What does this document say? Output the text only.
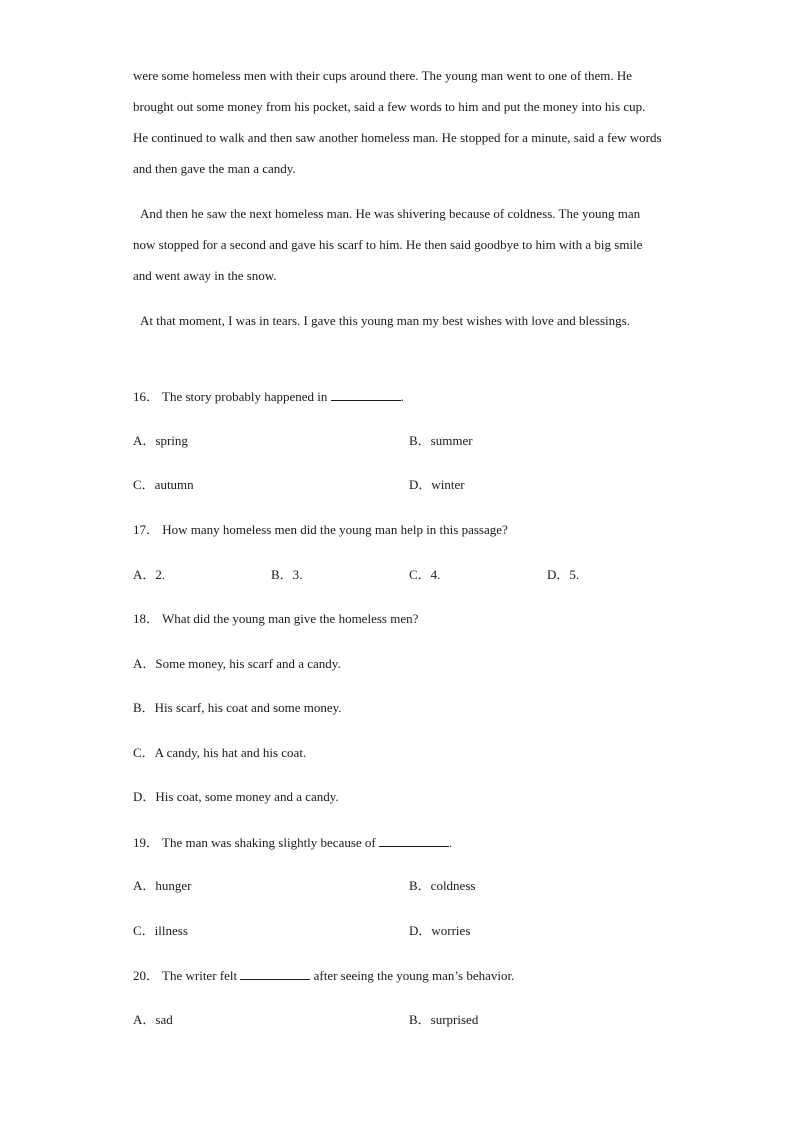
were some homeless men with their cups around there. The young man went to one of them. He brought out some money from his pocket, said a few words to him and put the money into his cup. He continued to walk and then saw another homeless man. He stopped for a minute, said a few words and then gave the man a candy.

And then he saw the next homeless man. He was shivering because of coldness. The young man now stopped for a second and gave his scarf to him. He then said goodbye to him with a big smile and went away in the snow.

At that moment, I was in tears. I gave this young man my best wishes with love and blessings.

16． The story probably happened in	.
A．spring	B．summer
C．autumn	D．winter
17． How many homeless men did the young man help in this passage?
A．2.	B．3.	C．4.	D．5.
18． What did the young man give the homeless men?
A．Some money, his scarf and a candy.
B．His scarf, his coat and some money.
C．A candy, his hat and his coat.
D．His coat, some money and a candy.
19． The man was shaking slightly because of	.
A．hunger	B．coldness
C．illness	D．worries
20． The writer felt	after seeing the young man’s behavior.
A．sad	B．surprised
